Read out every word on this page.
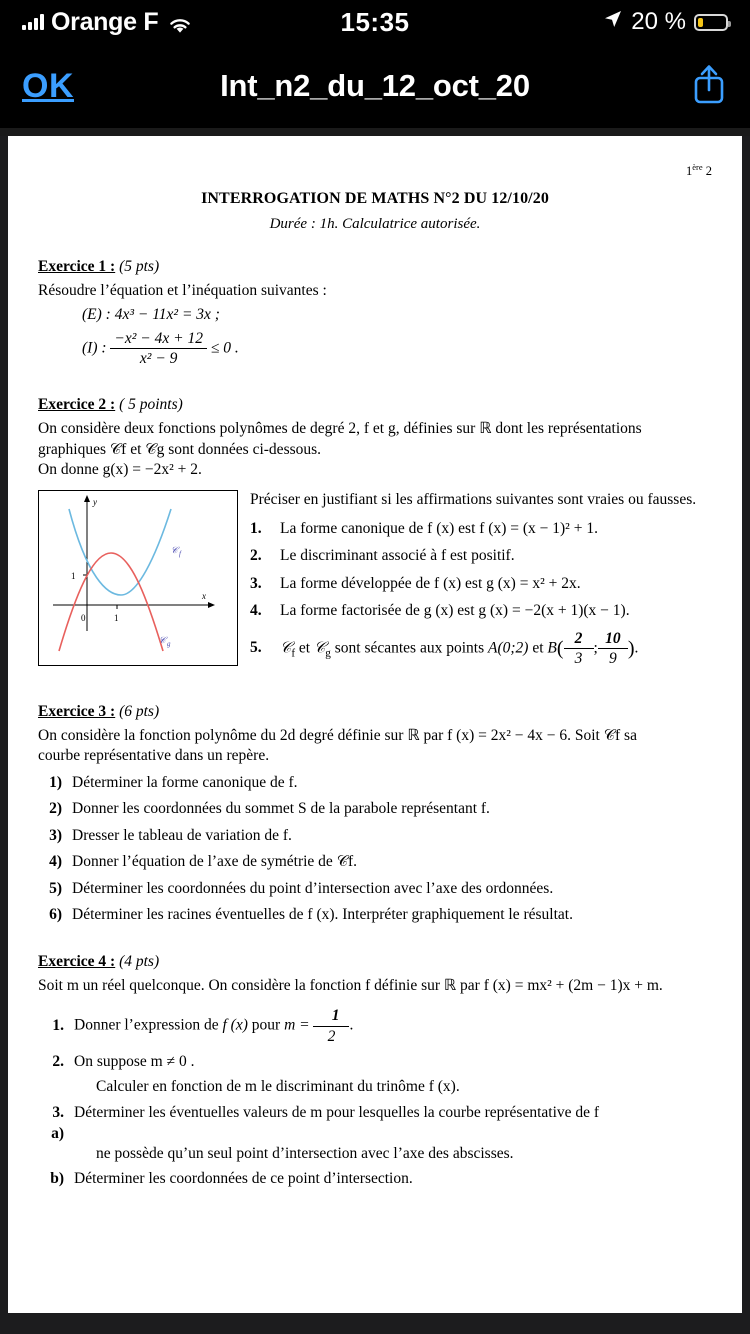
Orange F	15:35	20 %
OK	Int_n2_du_12_oct_20
1ère 2
INTERROGATION DE MATHS N°2 DU 12/10/20
Durée : 1h. Calculatrice autorisée.
Exercice 1 : (5 pts)
Résoudre l’équation et l’inéquation suivantes :
(E) : 4x³ − 11x² = 3x ;
(I) : $\frac{\text{−x² − 4x + 12}}{\text{x² − 9}} \le 0$ .
Exercice 2 : ( 5 points)
On considère deux fonctions polynômes de degré 2, f et g, définies sur ℝ dont les représentations
graphiques 𝒞f et 𝒞g sont données ci-dessous.
On donne g(x) = −2x² + 2.
y
x
1
1
0
𝒞 f
𝒞 g
Préciser en justifiant si les affirmations suivantes sont vraies ou fausses.
1.	La forme canonique de f (x) est f (x) = (x − 1)² + 1.
2.	Le discriminant associé à f est positif.
3.	La forme développée de f (x) est g (x) = x² + 2x.
4.	La forme factorisée de g (x) est g (x) = −2(x + 1)(x − 1).
5.	𝒞$_f$ et 𝒞$_g$ sont sécantes aux points A(0;2) et $B( \frac{2}{3}$ ; $\frac{10}{9}$ ).
Exercice 3 : (6 pts)
On considère la fonction polynôme du 2d degré définie sur ℝ par f (x) = 2x² − 4x − 6. Soit 𝒞f sa
courbe représentative dans un repère.
1) Déterminer la forme canonique de f.
2) Donner les coordonnées du sommet S de la parabole représentant f.
3) Dresser le tableau de variation de f.
4) Donner l’équation de l’axe de symétrie de 𝒞f.
5) Déterminer les coordonnées du point d’intersection avec l’axe des ordonnées.
6) Déterminer les racines éventuelles de f (x). Interpréter graphiquement le résultat.
Exercice 4 : (4 pts)
Soit m un réel quelconque. On considère la fonction f définie sur ℝ par f (x) = mx² + (2m − 1)x + m.
1. Donner l’expression de f (x) pour $m = \frac{1}{2}$ .
2. On suppose m ≠ 0 .
Calculer en fonction de m le discriminant du trinôme f (x).
3. a)
Déterminer les éventuelles valeurs de m pour lesquelles la courbe représentative de f
ne possède qu’un seul point d’intersection avec l’axe des abscisses.
b) Déterminer les coordonnées de ce point d’intersection.
